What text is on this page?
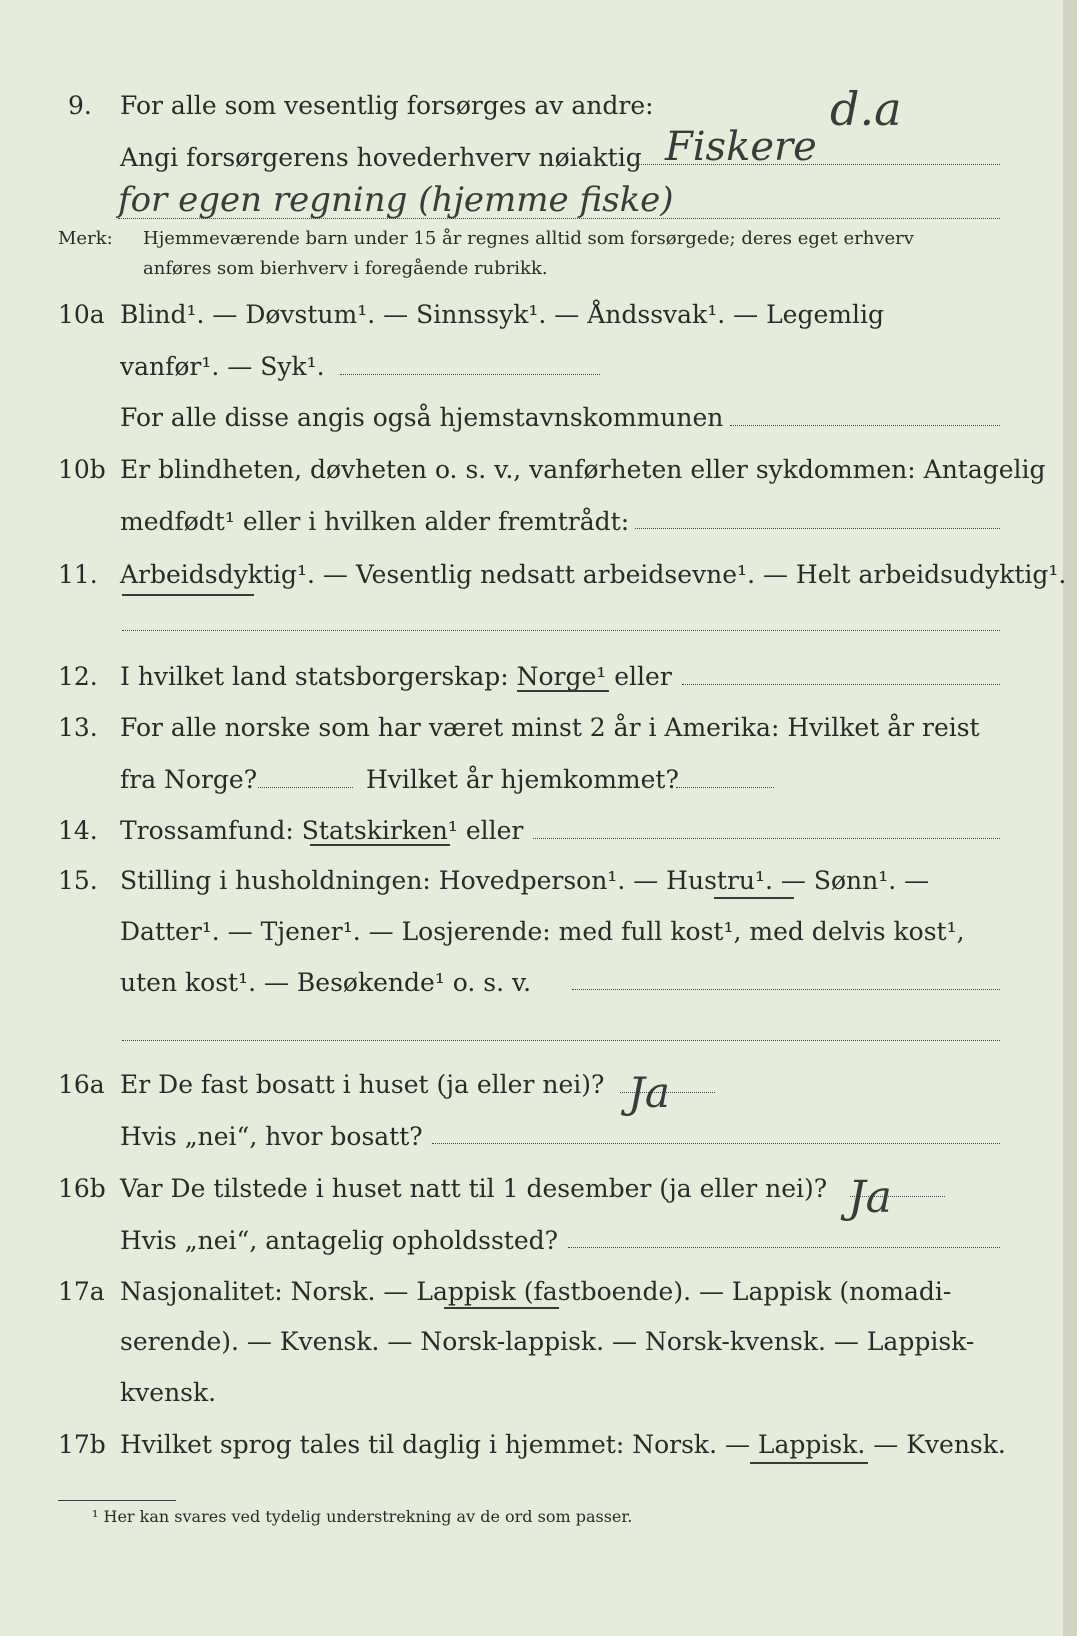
d.a
9.	For alle som vesentlig forsørges av andre:
Angi forsørgerens hovederhverv nøiaktig Fiskere
for egen regning (hjemme fiske)
Merk: Hjemmeværende barn under 15 år regnes alltid som forsørgede; deres eget erhverv
anføres som bierhverv i foregående rubrikk.
10a Blind¹. — Døvstum¹. — Sinnssyk¹. — Åndssvak¹. — Legemlig
vanfør¹. — Syk¹.
For alle disse angis også hjemstavnskommunen
10b Er blindheten, døvheten o. s. v., vanførheten eller sykdommen: Antagelig
medfødt¹ eller i hvilken alder fremtrådt:
11. Arbeidsdyktig¹. — Vesentlig nedsatt arbeidsevne¹. — Helt arbeidsudyktig¹.
12. I hvilket land statsborgerskap: Norge¹ eller
13. For alle norske som har været minst 2 år i Amerika: Hvilket år reist
fra Norge?	Hvilket år hjemkommet?
14. Trossamfund: Statskirken¹ eller
15. Stilling i husholdningen: Hovedperson¹. — Hustru¹. — Sønn¹. —
Datter¹. — Tjener¹. — Losjerende: med full kost¹, med delvis kost¹,
uten kost¹. — Besøkende¹ o. s. v.
16a Er De fast bosatt i huset (ja eller nei)? Ja
Hvis „nei“, hvor bosatt?
16b Var De tilstede i huset natt til 1 desember (ja eller nei)? Ja
Hvis „nei“, antagelig opholdssted?
17a Nasjonalitet: Norsk. — Lappisk (fastboende). — Lappisk (nomadi-
serende). — Kvensk. — Norsk-lappisk. — Norsk-kvensk. — Lappisk-
kvensk.
17b Hvilket sprog tales til daglig i hjemmet: Norsk. — Lappisk. — Kvensk.
¹ Her kan svares ved tydelig understrekning av de ord som passer.
